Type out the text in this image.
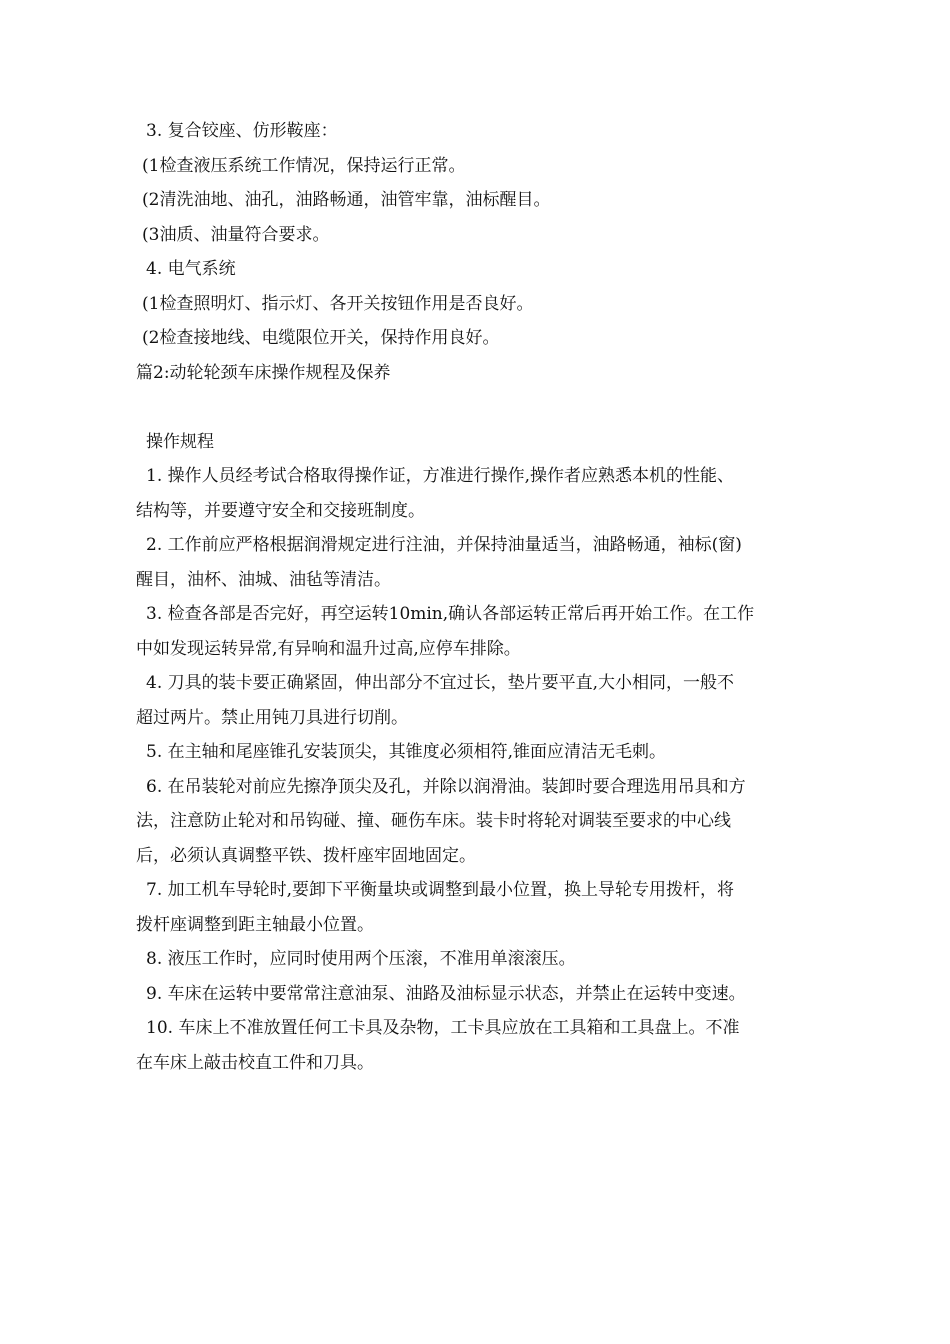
3. 复合铰座、仿形鞍座：

(1检查液压系统工作情况，保持运行正常。

(2清洗油地、油孔，油路畅通，油管牢靠，油标醒目。

(3油质、油量符合要求。

4. 电气系统

(1检查照明灯、指示灯、各开关按钮作用是否良好。

(2检查接地线、电缆限位开关，保持作用良好。

篇2:动轮轮颈车床操作规程及保养

操作规程

1. 操作人员经考试合格取得操作证，方准进行操作,操作者应熟悉本机的性能、

结构等，并要遵守安全和交接班制度。

2. 工作前应严格根据润滑规定进行注油，并保持油量适当，油路畅通，袖标(窗)

醒目，油杯、油城、油毡等清洁。

3. 检查各部是否完好，再空运转10min,确认各部运转正常后再开始工作。在工作

中如发现运转异常,有异响和温升过高,应停车排除。

4. 刀具的装卡要正确紧固，伸出部分不宜过长，垫片要平直,大小相同，一般不

超过两片。禁止用钝刀具进行切削。

5. 在主轴和尾座锥孔安装顶尖，其锥度必须相符,锥面应清洁无毛刺。

6. 在吊装轮对前应先擦净顶尖及孔，并除以润滑油。装卸时要合理选用吊具和方

法，注意防止轮对和吊钩碰、撞、砸伤车床。装卡时将轮对调装至要求的中心线

后，必须认真调整平铁、拨杆座牢固地固定。

7. 加工机车导轮时,要卸下平衡量块或调整到最小位置，换上导轮专用拨杆，将

拨杆座调整到距主轴最小位置。

8. 液压工作时，应同时使用两个压滚，不准用单滚滚压。

9. 车床在运转中要常常注意油泵、油路及油标显示状态，并禁止在运转中变速。

10. 车床上不准放置任何工卡具及杂物，工卡具应放在工具箱和工具盘上。不准

在车床上敲击校直工件和刀具。
